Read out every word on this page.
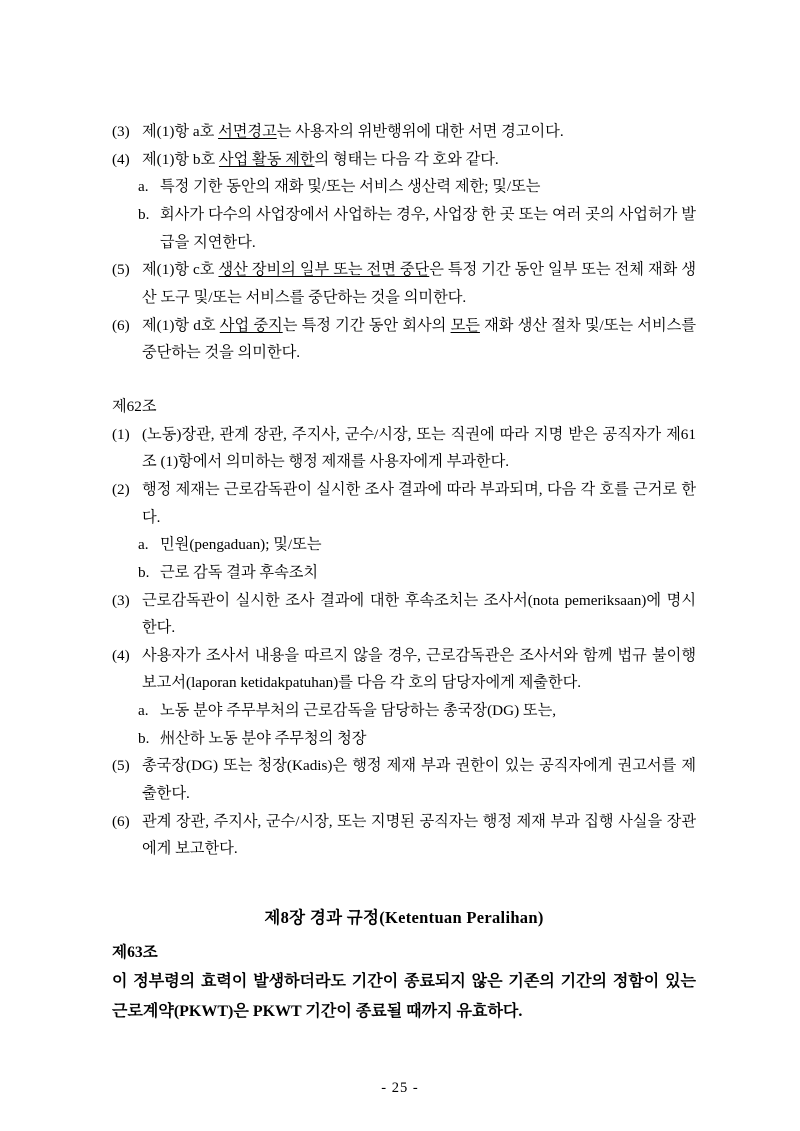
(3) 제(1)항 a호 서면경고는 사용자의 위반행위에 대한 서면 경고이다.
(4) 제(1)항 b호 사업 활동 제한의 형태는 다음 각 호와 같다.
a. 특정 기한 동안의 재화 및/또는 서비스 생산력 제한; 및/또는
b. 회사가 다수의 사업장에서 사업하는 경우, 사업장 한 곳 또는 여러 곳의 사업허가 발급을 지연한다.
(5) 제(1)항 c호 생산 장비의 일부 또는 전면 중단은 특정 기간 동안 일부 또는 전체 재화 생산 도구 및/또는 서비스를 중단하는 것을 의미한다.
(6) 제(1)항 d호 사업 중지는 특정 기간 동안 회사의 모든 재화 생산 절차 및/또는 서비스를 중단하는 것을 의미한다.
제62조
(1) (노동)장관, 관계 장관, 주지사, 군수/시장, 또는 직권에 따라 지명 받은 공직자가 제61조 (1)항에서 의미하는 행정 제재를 사용자에게 부과한다.
(2) 행정 제재는 근로감독관이 실시한 조사 결과에 따라 부과되며, 다음 각 호를 근거로 한다.
a. 민원(pengaduan); 및/또는
b. 근로 감독 결과 후속조치
(3) 근로감독관이 실시한 조사 결과에 대한 후속조치는 조사서(nota pemeriksaan)에 명시한다.
(4) 사용자가 조사서 내용을 따르지 않을 경우, 근로감독관은 조사서와 함께 법규 불이행보고서(laporan ketidakpatuhan)를 다음 각 호의 담당자에게 제출한다.
a. 노동 분야 주무부처의 근로감독을 담당하는 총국장(DG) 또는,
b. 州산하 노동 분야 주무청의 청장
(5) 총국장(DG) 또는 청장(Kadis)은 행정 제재 부과 권한이 있는 공직자에게 권고서를 제출한다.
(6) 관계 장관, 주지사, 군수/시장, 또는 지명된 공직자는 행정 제재 부과 집행 사실을 장관에게 보고한다.
제8장 경과 규정(Ketentuan Peralihan)
제63조
이 정부령의 효력이 발생하더라도 기간이 종료되지 않은 기존의 기간의 정함이 있는 근로계약(PKWT)은 PKWT 기간이 종료될 때까지 유효하다.
- 25 -
